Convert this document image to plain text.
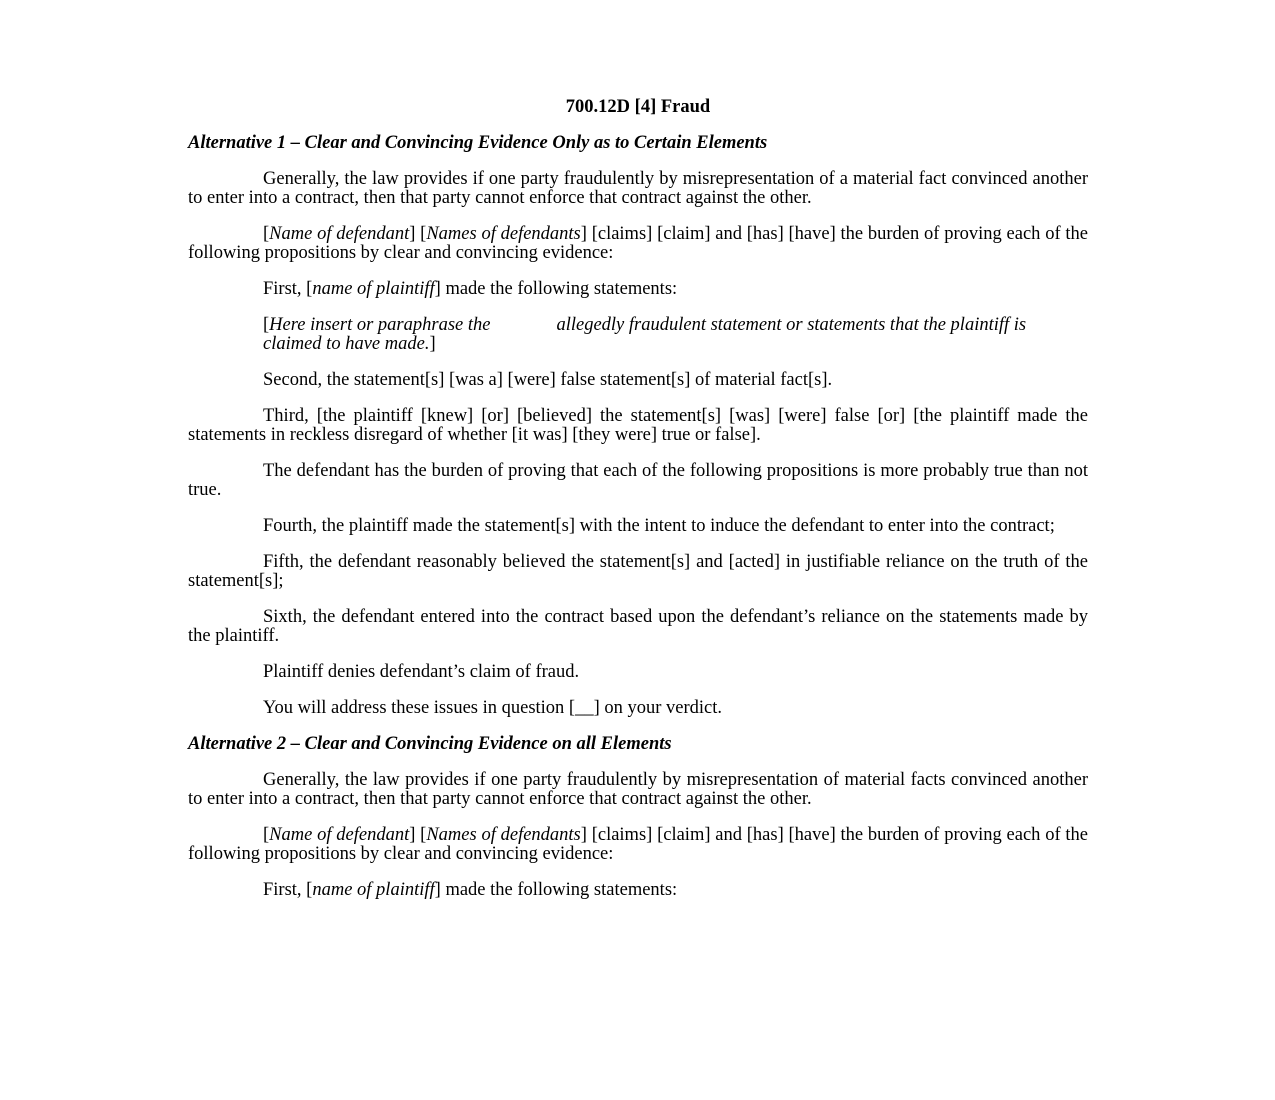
700.12D [4] Fraud

Alternative 1 – Clear and Convincing Evidence Only as to Certain Elements

Generally, the law provides if one party fraudulently by misrepresentation of a material fact convinced another to enter into a contract, then that party cannot enforce that contract against the other.

[Name of defendant] [Names of defendants] [claims] [claim] and [has] [have] the burden of proving each of the following propositions by clear and convincing evidence:

First, [name of plaintiff] made the following statements:

[Here insert or paraphrase the	allegedly fraudulent statement or statements that the plaintiff is claimed to have made.]

Second, the statement[s] [was a] [were] false statement[s] of material fact[s].

Third, [the plaintiff [knew] [or] [believed] the statement[s] [was] [were] false [or] [the plaintiff made the statements in reckless disregard of whether [it was] [they were] true or false].

The defendant has the burden of proving that each of the following propositions is more probably true than not true.

Fourth, the plaintiff made the statement[s] with the intent to induce the defendant to enter into the contract;

Fifth, the defendant reasonably believed the statement[s] and [acted] in justifiable reliance on the truth of the statement[s];

Sixth, the defendant entered into the contract based upon the defendant’s reliance on the statements made by the plaintiff.

Plaintiff denies defendant’s claim of fraud.

You will address these issues in question [__] on your verdict.

Alternative 2 – Clear and Convincing Evidence on all Elements

Generally, the law provides if one party fraudulently by misrepresentation of material facts convinced another to enter into a contract, then that party cannot enforce that contract against the other.

[Name of defendant] [Names of defendants] [claims] [claim] and [has] [have] the burden of proving each of the following propositions by clear and convincing evidence:

First, [name of plaintiff] made the following statements:
